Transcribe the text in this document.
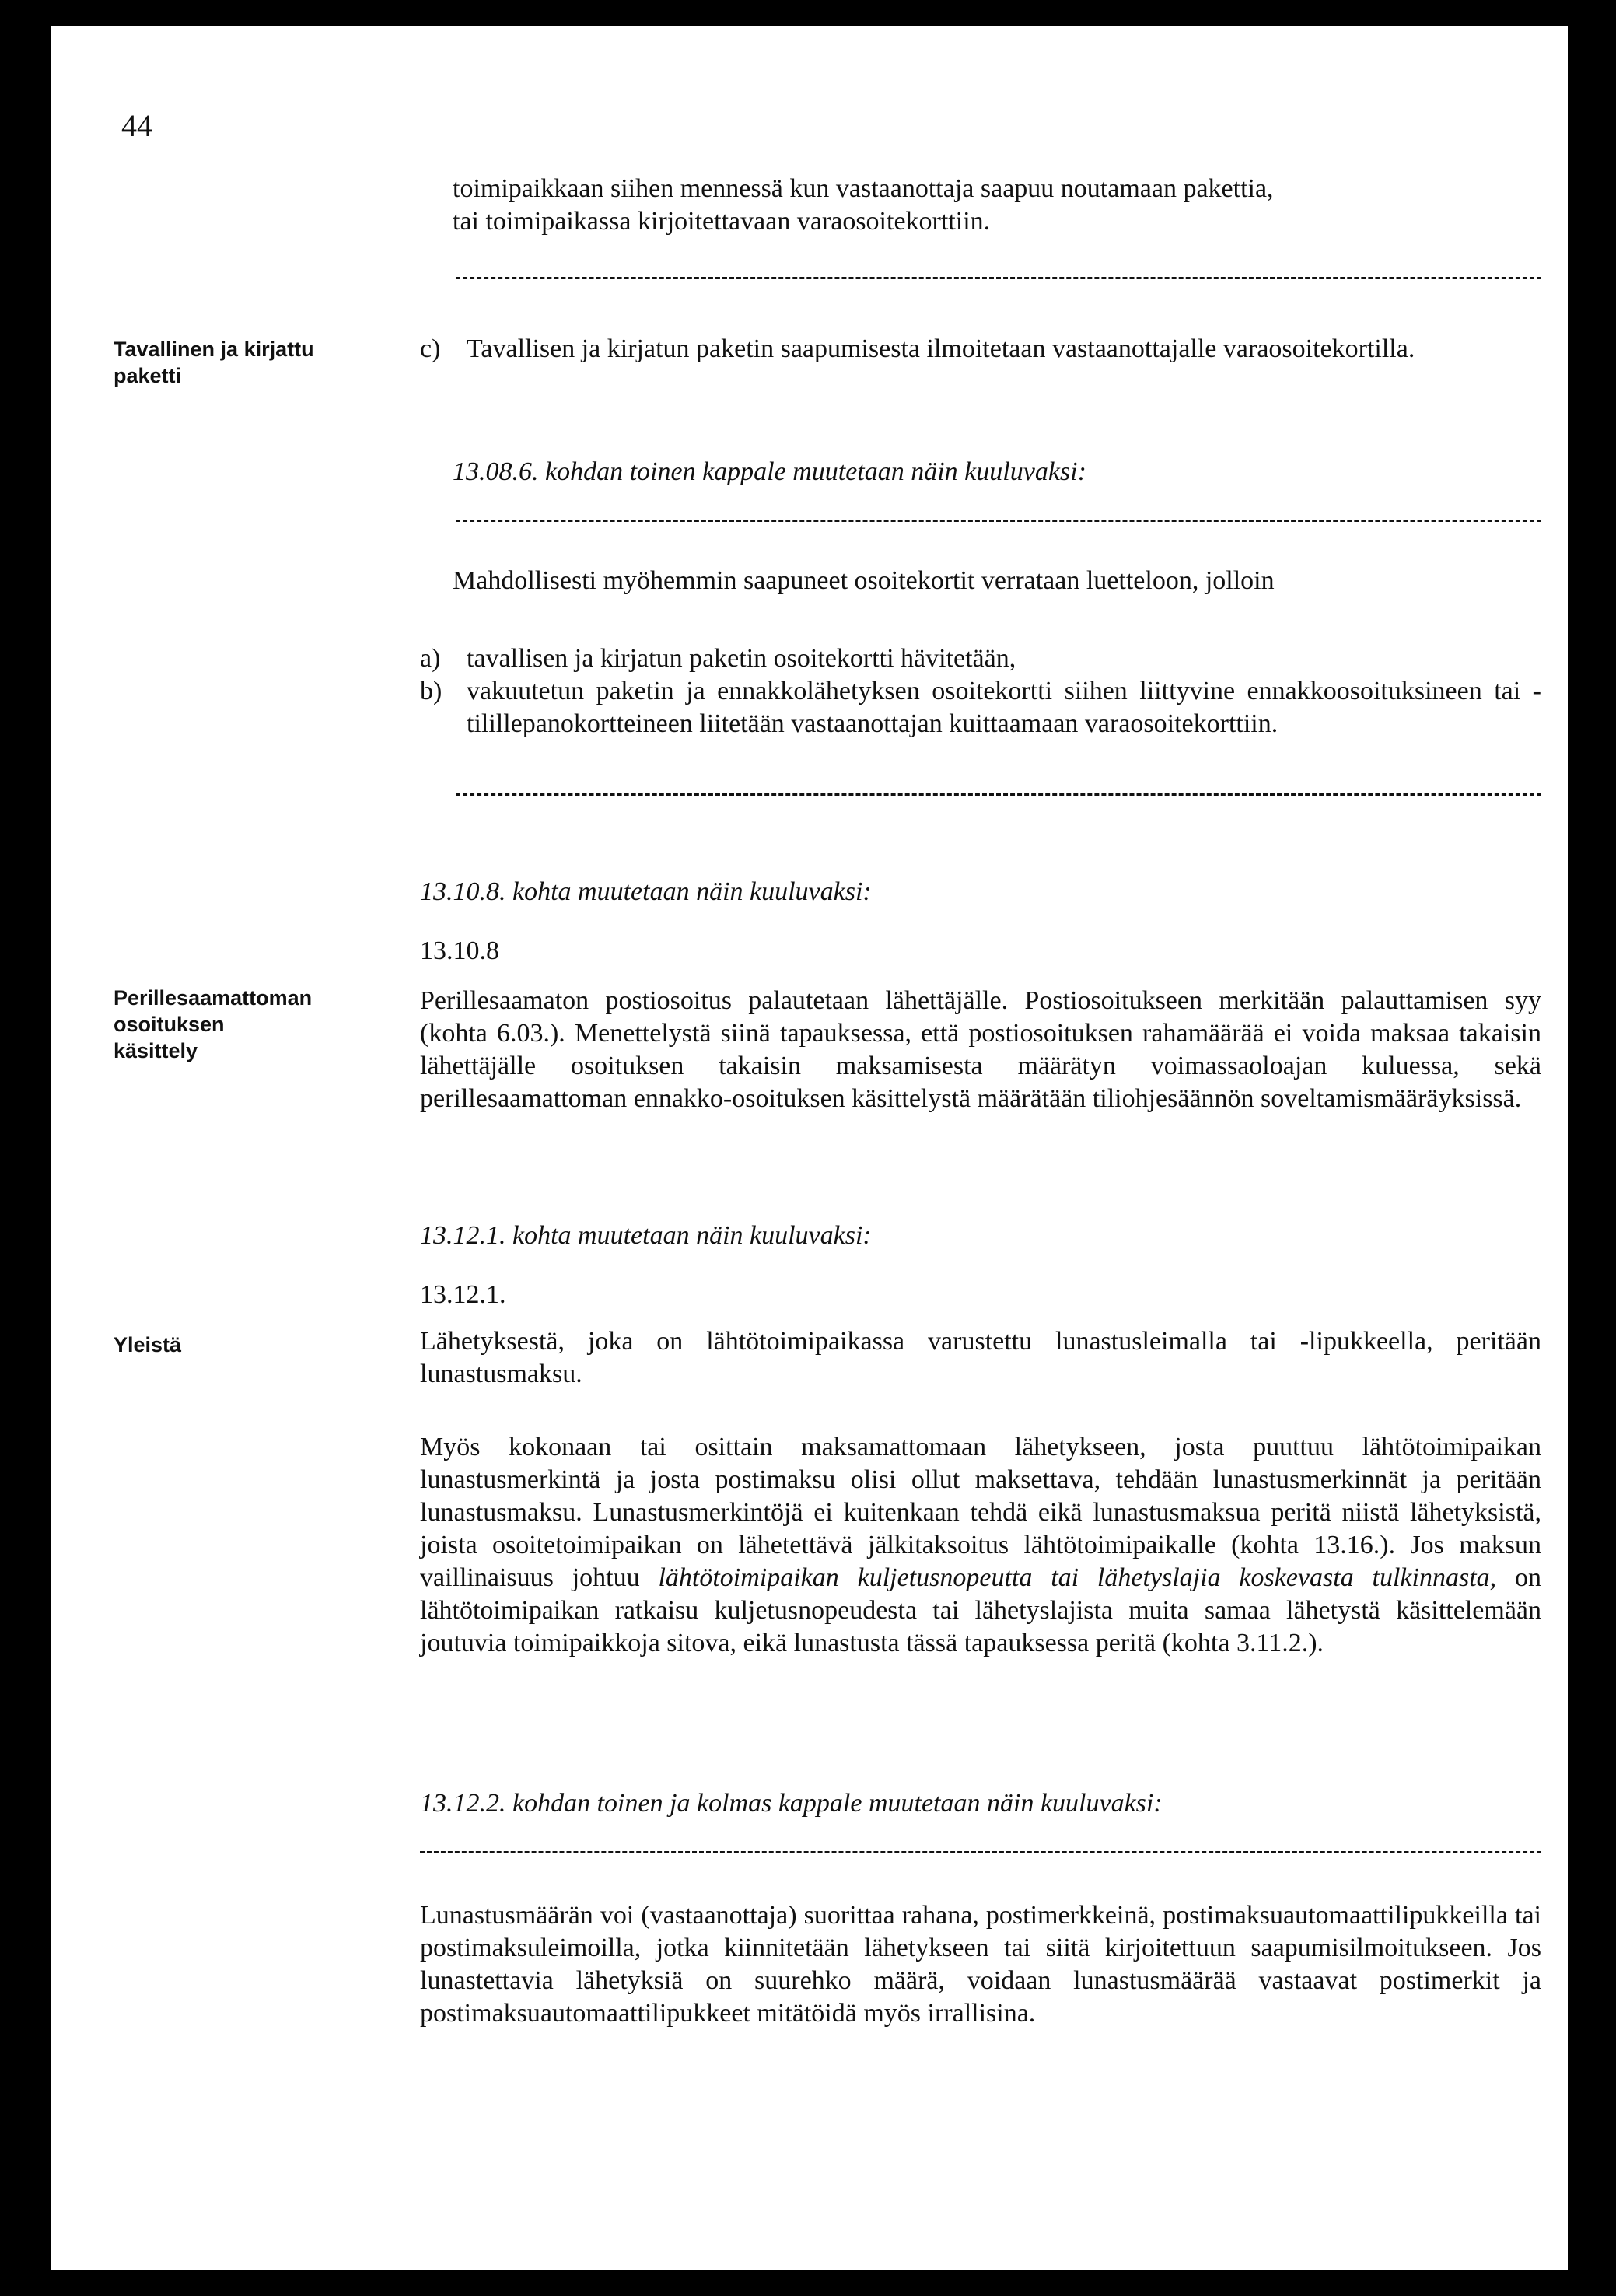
44

toimipaikkaan siihen mennessä kun vastaanottaja saapuu noutamaan pakettia,

tai toimipaikassa kirjoitettavaan varaosoitekorttiin.

Tavallinen ja kirjattu paketti
c) Tavallisen ja kirjatun paketin saapumisesta ilmoitetaan vastaanottajalle varaosoitekortilla.
13.08.6. kohdan toinen kappale muutetaan näin kuuluvaksi:
Mahdollisesti myöhemmin saapuneet osoitekortit verrataan luetteloon, jolloin
a) tavallisen ja kirjatun paketin osoitekortti hävitetään,
b) vakuutetun paketin ja ennakkolähetyksen osoitekortti siihen liittyvine ennakkoosoituksineen tai -tilillepanokortteineen liitetään vastaanottajan kuittaamaan varaosoitekorttiin.
13.10.8. kohta muutetaan näin kuuluvaksi:
13.10.8
Perillesaamattoman osoituksen käsittely

Perillesaamaton postiosoitus palautetaan lähettäjälle. Postiosoitukseen merkitään palauttamisen syy (kohta 6.03.). Menettelystä siinä tapauksessa, että postiosoituksen rahamäärää ei voida maksaa takaisin lähettäjälle osoituksen takaisin maksamisesta määrätyn voimassaoloajan kuluessa, sekä perillesaamattoman ennakko-osoituksen käsittelystä määrätään tiliohjesäännön soveltamismääräyksissä.

13.12.1. kohta muutetaan näin kuuluvaksi:
13.12.1.
Yleistä	Lähetyksestä, joka on lähtötoimipaikassa varustettu lunastusleimalla tai -lipukkeella, peritään lunastusmaksu.

Myös kokonaan tai osittain maksamattomaan lähetykseen, josta puuttuu lähtötoimipaikan lunastusmerkintä ja josta postimaksu olisi ollut maksettava, tehdään lunastusmerkinnät ja peritään lunastusmaksu. Lunastusmerkintöjä ei kuitenkaan tehdä eikä lunastusmaksua peritä niistä lähetyksistä, joista osoitetoimipaikan on lähetettävä jälkitaksoitus lähtötoimipaikalle (kohta 13.16.). Jos maksun vaillinaisuus johtuu lähtötoimipaikan kuljetusnopeutta tai lähetyslajia koskevasta tulkinnasta, on lähtötoimipaikan ratkaisu kuljetusnopeudesta tai lähetyslajista muita samaa lähetystä käsittelemään joutuvia toimipaikkoja sitova, eikä lunastusta tässä tapauksessa peritä (kohta 3.11.2.).

13.12.2. kohdan toinen ja kolmas kappale muutetaan näin kuuluvaksi:

Lunastusmäärän voi (vastaanottaja) suorittaa rahana, postimerkkeinä, postimaksuautomaattilipukkeilla tai postimaksuleimoilla, jotka kiinnitetään lähetykseen tai siitä kirjoitettuun saapumisilmoitukseen. Jos lunastettavia lähetyksiä on suurehko määrä, voidaan lunastusmäärää vastaavat postimerkit ja postimaksuautomaattilipukkeet mitätöidä myös irrallisina.
